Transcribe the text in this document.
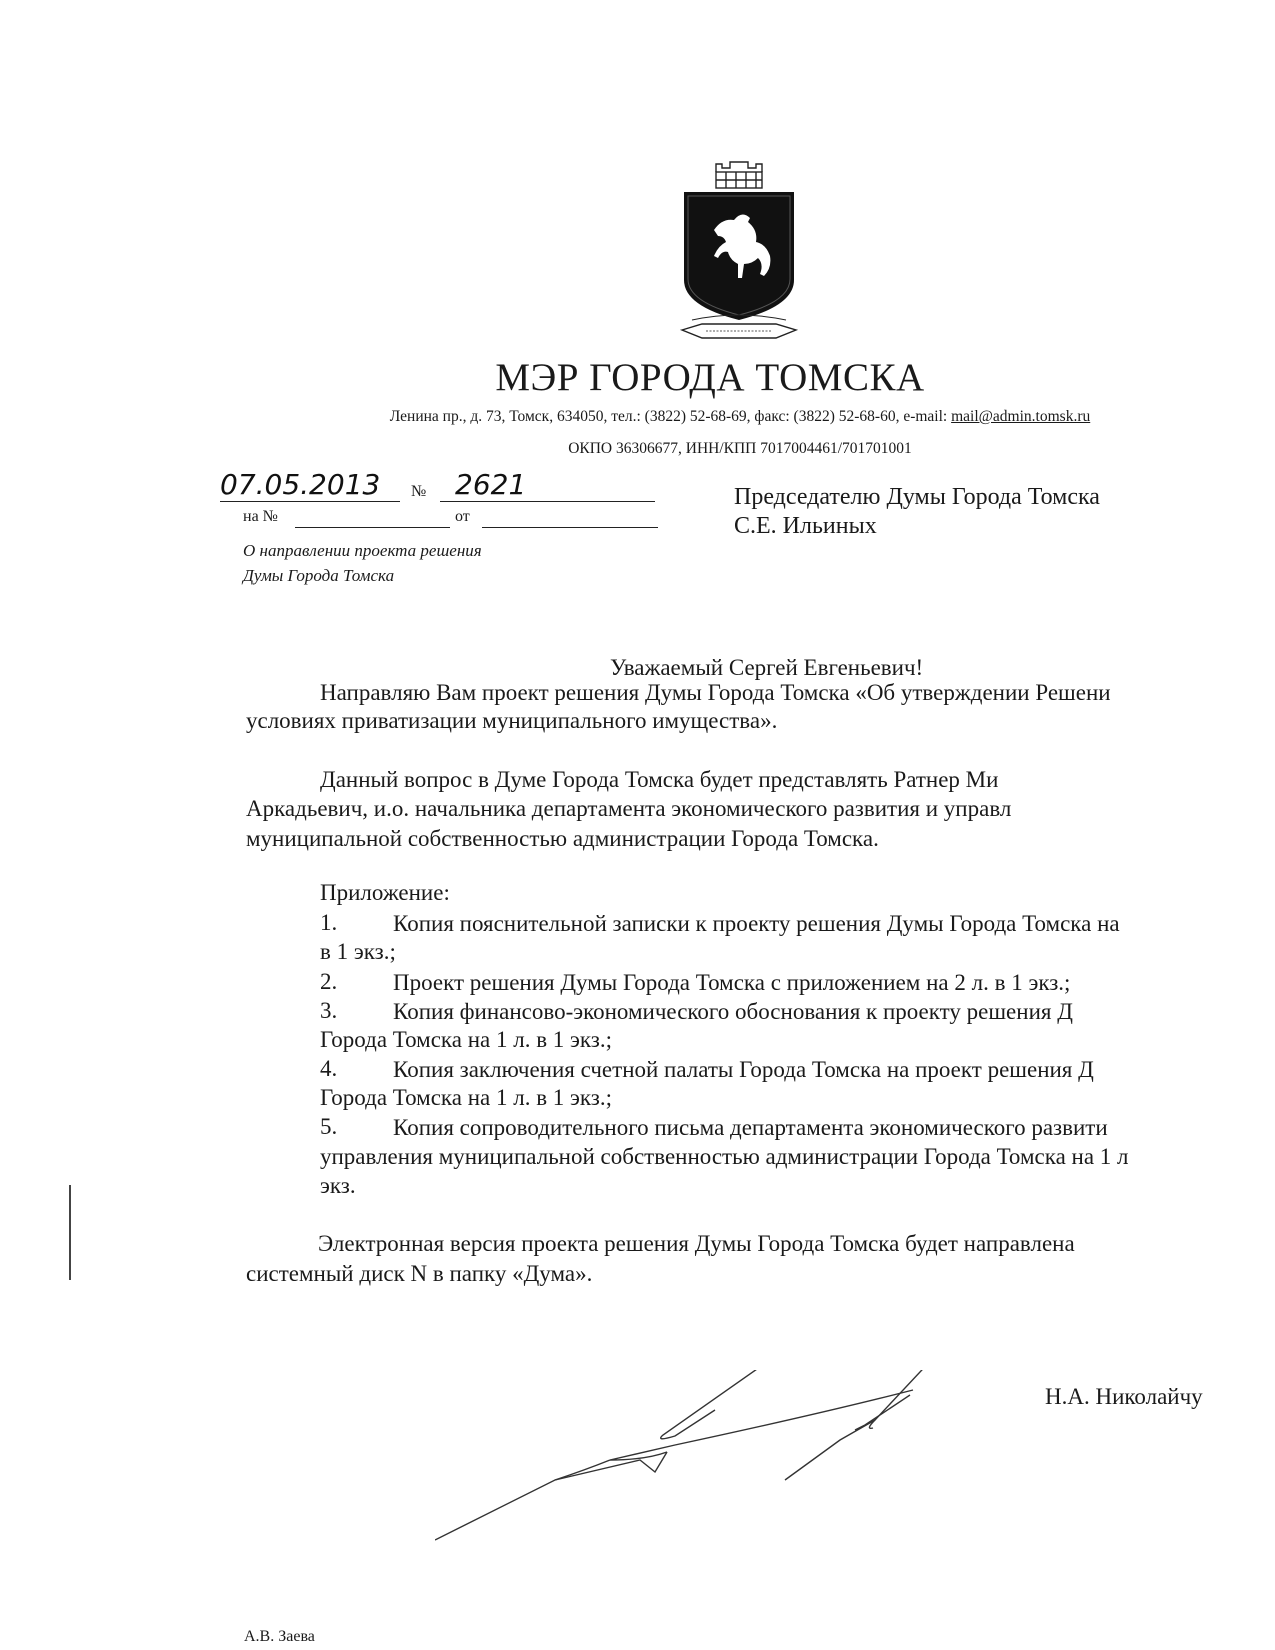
МЭР ГОРОДА ТОМСКА
Ленина пр., д. 73, Томск, 634050, тел.: (3822) 52-68-69, факс: (3822) 52-68-60, e-mail: mail@admin.tomsk.ru
ОКПО 36306677, ИНН/КПП 7017004461/701701001
07.05.2013 № 2621
на №	от
О направлении проекта решения
Думы Города Томска
Председателю Думы Города Томска
С.Е. Ильиных
Уважаемый Сергей Евгеньевич!
Направляю Вам проект решения Думы Города Томска «Об утверждении Решени
условиях приватизации муниципального имущества».
Данный вопрос в Думе Города Томска будет представлять Ратнер Ми
Аркадьевич, и.о. начальника департамента экономического развития и управл
муниципальной собственностью администрации Города Томска.
Приложение:
1. Копия пояснительной записки к проекту решения Думы Города Томска на
в 1 экз.;
2. Проект решения Думы Города Томска с приложением на 2 л. в 1 экз.;
3. Копия финансово-экономического обоснования к проекту решения Д
Города Томска на 1 л. в 1 экз.;
4. Копия заключения счетной палаты Города Томска на проект решения Д
Города Томска на 1 л. в 1 экз.;
5. Копия сопроводительного письма департамента экономического развити
управления муниципальной собственностью администрации Города Томска на 1 л
экз.
Электронная версия проекта решения Думы Города Томска будет направлена
системный диск N в папку «Дума».
Н.А. Николайчу
А.В. Заева
